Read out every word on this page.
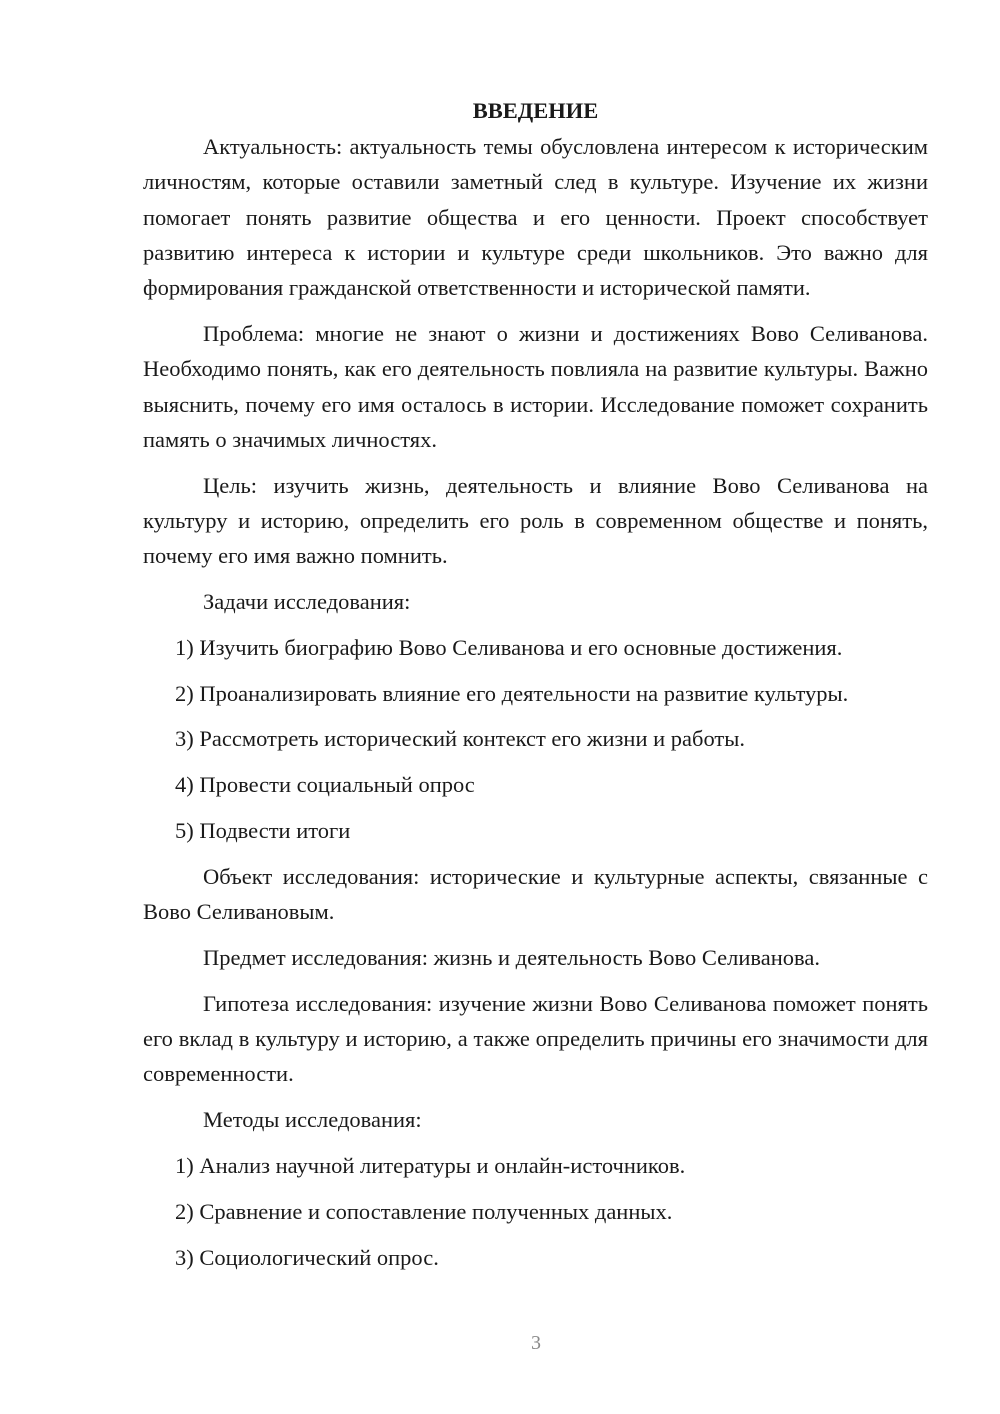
ВВЕДЕНИЕ

Актуальность: актуальность темы обусловлена интересом к историческим личностям, которые оставили заметный след в культуре. Изучение их жизни помогает понять развитие общества и его ценности. Проект способствует развитию интереса к истории и культуре среди школьников. Это важно для формирования гражданской ответственности и исторической памяти.

Проблема: многие не знают о жизни и достижениях Вово Селиванова. Необходимо понять, как его деятельность повлияла на развитие культуры. Важно выяснить, почему его имя осталось в истории. Исследование поможет сохранить память о значимых личностях.

Цель: изучить жизнь, деятельность и влияние Вово Селиванова на культуру и историю, определить его роль в современном обществе и понять, почему его имя важно помнить.

Задачи исследования:

1) Изучить биографию Вово Селиванова и его основные достижения.
2) Проанализировать влияние его деятельности на развитие культуры.
3) Рассмотреть исторический контекст его жизни и работы.
4) Провести социальный опрос
5) Подвести итоги

Объект исследования: исторические и культурные аспекты, связанные с Вово Селивановым.

Предмет исследования: жизнь и деятельность Вово Селиванова.

Гипотеза исследования: изучение жизни Вово Селиванова поможет понять его вклад в культуру и историю, а также определить причины его значимости для современности.

Методы исследования:

1) Анализ научной литературы и онлайн-источников.
2) Сравнение и сопоставление полученных данных.
3) Социологический опрос.
3
